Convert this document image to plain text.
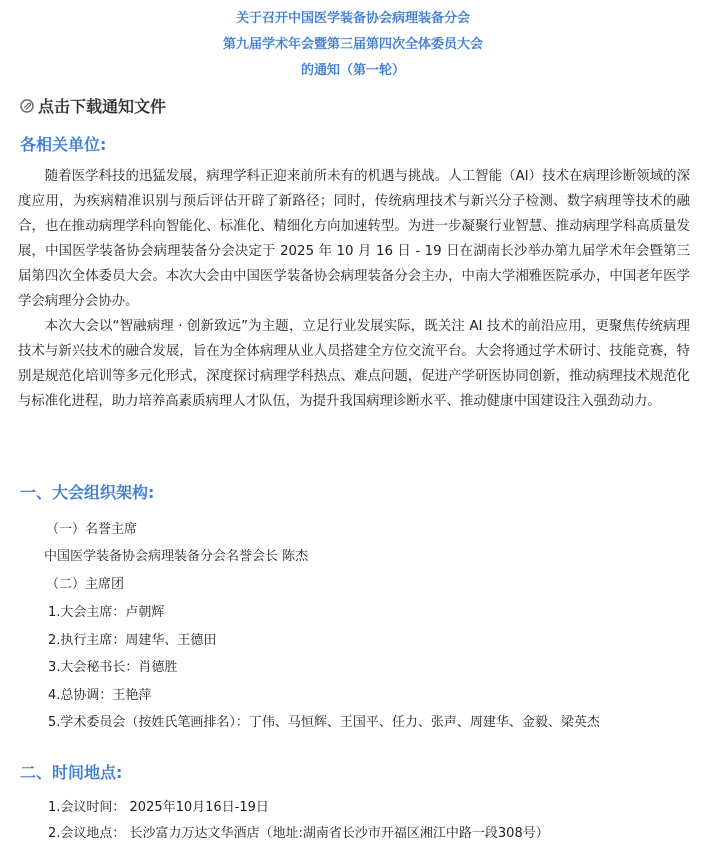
关于召开中国医学装备协会病理装备分会
第九届学术年会暨第三届第四次全体委员大会
的通知（第一轮）
点击下载通知文件
各相关单位:

随着医学科技的迅猛发展，病理学科正迎来前所未有的机遇与挑战。人工智能（AI）技术在病理诊断领域的深度应用，为疾病精准识别与预后评估开辟了新路径；同时，传统病理技术与新兴分子检测、数字病理等技术的融合，也在推动病理学科向智能化、标准化、精细化方向加速转型。为进一步凝聚行业智慧、推动病理学科高质量发展，中国医学装备协会病理装备分会决定于 2025 年 10 月 16 日 - 19 日在湖南长沙举办第九届学术年会暨第三届第四次全体委员大会。本次大会由中国医学装备协会病理装备分会主办，中南大学湘雅医院承办，中国老年医学学会病理分会协办。

本次大会以“智融病理 · 创新致远”为主题，立足行业发展实际，既关注 AI 技术的前沿应用，更聚焦传统病理技术与新兴技术的融合发展，旨在为全体病理从业人员搭建全方位交流平台。大会将通过学术研讨、技能竞赛，特别是规范化培训等多元化形式，深度探讨病理学科热点、难点问题，促进产学研医协同创新，推动病理技术规范化与标准化进程，助力培养高素质病理人才队伍，为提升我国病理诊断水平、推动健康中国建设注入强劲动力。

一、大会组织架构:
（一）名誉主席
中国医学装备协会病理装备分会名誉会长 陈杰
（二）主席团
1.大会主席：卢朝辉
2.执行主席：周建华、王德田
3.大会秘书长：肖德胜
4.总协调：王艳萍
5.学术委员会（按姓氏笔画排名）：丁伟、马恒辉、王国平、任力、张声、周建华、金毅、梁英杰
二、时间地点:
1.会议时间： 2025年10月16日-19日
2.会议地点： 长沙富力万达文华酒店（地址:湖南省长沙市开福区湘江中路一段308号）
